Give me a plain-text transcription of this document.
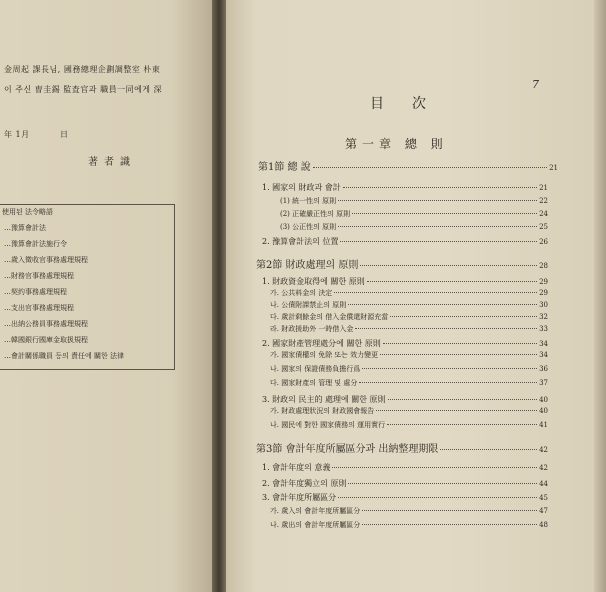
金周起 課長님, 國務總理企劃調整室 朴東
이 주신 曺圭錫 監査官과 職員一同에게 深
年 1月	日
著者識
使用된 法令略語
…豫算會計法
…豫算會計法施行令
…歲入徵收官事務處理規程
…財務官事務處理規程
…契約事務處理規程
…支出官事務處理規程
…出納公務員事務處理規程
…韓國銀行國庫金取扱規程
…會計關係職員 등의 責任에 關한 法律
7
目次
第一章 總 則
第1節 總 說	21
1. 國家의 財政과 會計	21
(1) 統一性의 原則	22
(2) 正確嚴正性의 原則	24
(3) 公正性의 原則	25
2. 豫算會計法의 位置	26
第2節 財政處理의 原則	28
1. 財政資金取得에 關한 原則	29
가. 公共料金의 決定	29
나. 公債附課禁止의 原則	30
다. 歲計剩餘金의 借入金償還財源充當	32
라. 財政援助外 一時借入金	33
2. 國家財產管理處分에 關한 原則	34
가. 國家債權의 免除 또는 效力變更	34
나. 國家의 保證債務負擔行爲	36
다. 國家財產의 管理 및 處分	37
3. 財政의 民主的 處理에 關한 原則	40
가. 財政處理狀況의 財政國會報告	40
나. 國民에 對한 國家債務의 運用實行	41
第3節 會計年度所屬區分과 出納整理期限	42
1. 會計年度의 意義	42
2. 會計年度獨立의 原則	44
3. 會計年度所屬區分	45
가. 歲入의 會計年度所屬區分	47
나. 歲出의 會計年度所屬區分	48
